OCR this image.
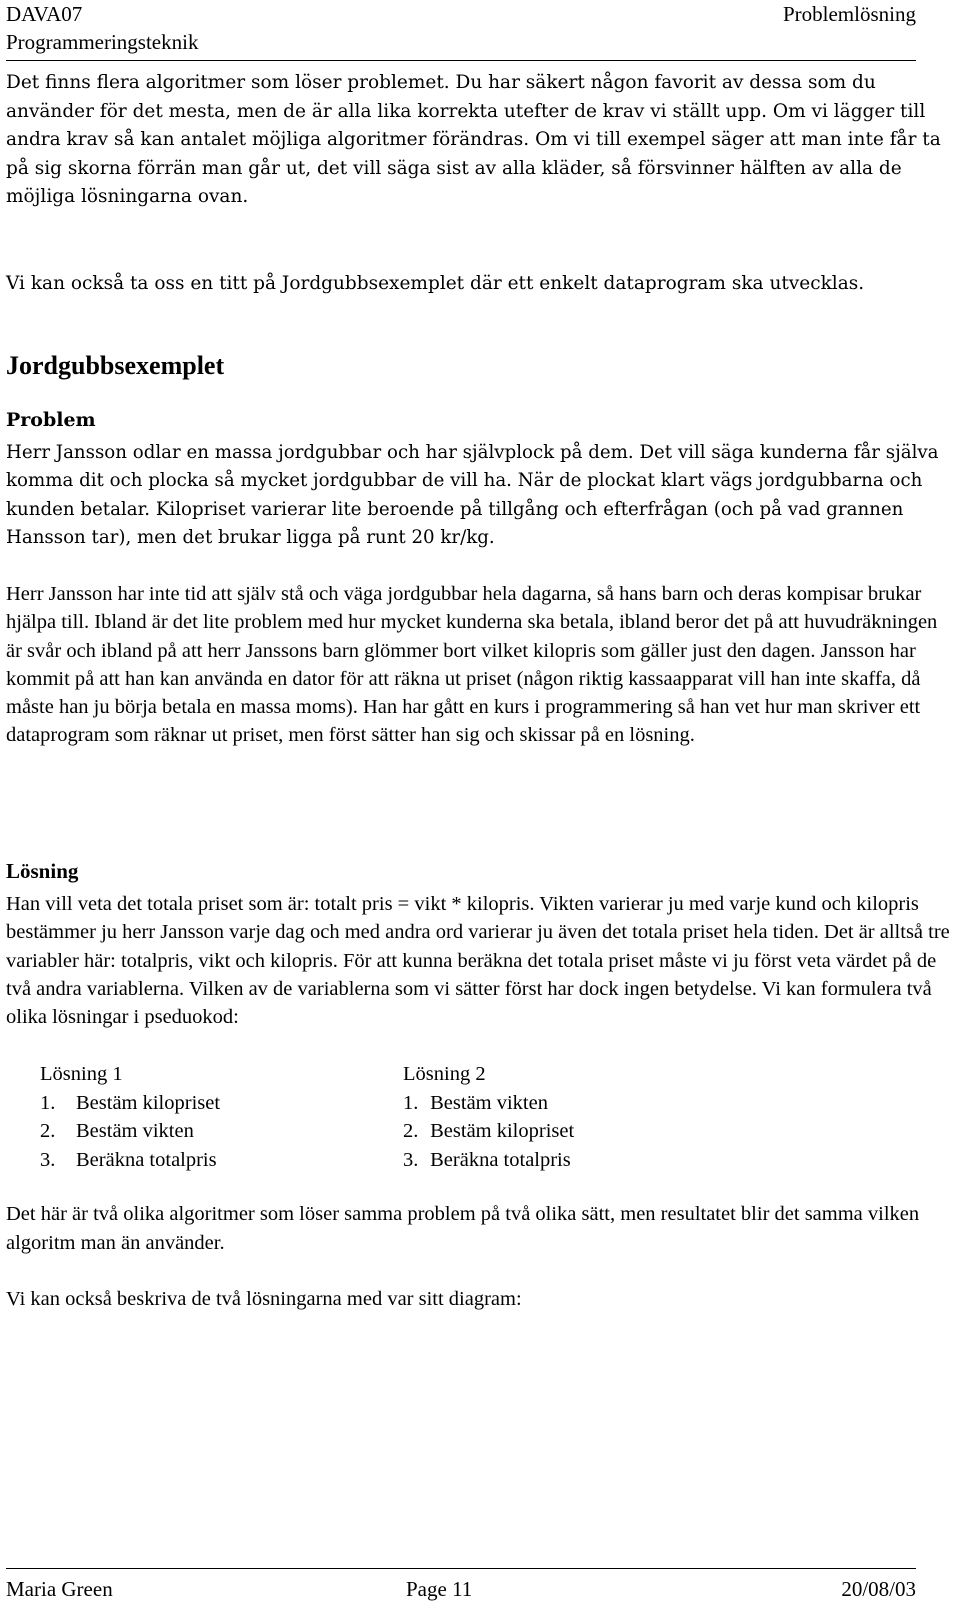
DAVA07
Programmeringsteknik
Problemlösning

Det finns flera algoritmer som löser problemet. Du har säkert någon favorit av dessa som du använder för det mesta, men de är alla lika korrekta utefter de krav vi ställt upp. Om vi lägger till andra krav så kan antalet möjliga algoritmer förändras. Om vi till exempel säger att man inte får ta på sig skorna förrän man går ut, det vill säga sist av alla kläder, så försvinner hälften av alla de möjliga lösningarna ovan.

Vi kan också ta oss en titt på Jordgubbsexemplet där ett enkelt dataprogram ska utvecklas.

Jordgubbsexemplet
Problem

Herr Jansson odlar en massa jordgubbar och har självplock på dem. Det vill säga kunderna får själva komma dit och plocka så mycket jordgubbar de vill ha. När de plockat klart vägs jordgubbarna och kunden betalar. Kilopriset varierar lite beroende på tillgång och efterfrågan (och på vad grannen Hansson tar), men det brukar ligga på runt 20 kr/kg.

Herr Jansson har inte tid att själv stå och väga jordgubbar hela dagarna, så hans barn och deras kompisar brukar hjälpa till. Ibland är det lite problem med hur mycket kunderna ska betala, ibland beror det på att huvudräkningen är svår och ibland på att herr Janssons barn glömmer bort vilket kilopris som gäller just den dagen. Jansson har kommit på att han kan använda en dator för att räkna ut priset (någon riktig kassaapparat vill han inte skaffa, då måste han ju börja betala en massa moms). Han har gått en kurs i programmering så han vet hur man skriver ett dataprogram som räknar ut priset, men först sätter han sig och skissar på en lösning.

Lösning

Han vill veta det totala priset som är: totalt pris = vikt * kilopris. Vikten varierar ju med varje kund och kilopris bestämmer ju herr Jansson varje dag och med andra ord varierar ju även det totala priset hela tiden. Det är alltså tre variabler här: totalpris, vikt och kilopris. För att kunna beräkna det totala priset måste vi ju först veta värdet på de två andra variablerna. Vilken av de variablerna som vi sätter först har dock ingen betydelse. Vi kan formulera två olika lösningar i pseduokod:

Lösning 1
1. Bestäm kilopriset
2. Bestäm vikten
3. Beräkna totalpris
Lösning 2
1. Bestäm vikten
2. Bestäm kilopriset
3. Beräkna totalpris

Det här är två olika algoritmer som löser samma problem på två olika sätt, men resultatet blir det samma vilken algoritm man än använder.

Vi kan också beskriva de två lösningarna med var sitt diagram:

Maria Green	Page 11	20/08/03
